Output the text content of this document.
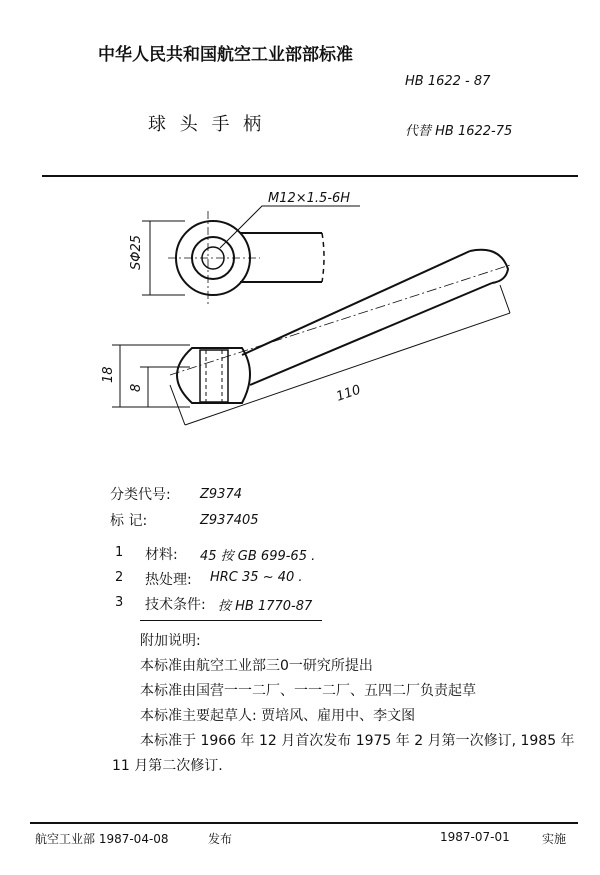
中华人民共和国航空工业部部标准
HB 1622 - 87
球 头 手 柄	代替 HB 1622-75
M12×1.5-6H
SΦ25
18
8	110
分类代号: Z9374
标 记:	Z937405
1 材料: 45 按 GB 699-65 .
2 热处理: HRC 35 ~ 40 .
3 技术条件: 按 HB 1770-87
附加说明:
本标准由航空工业部三0一研究所提出
本标准由国营一一二厂、一一二厂、五四二厂负责起草
本标准主要起草人: 贾培风、雇用中、李文图
本标准于 1966 年 12 月首次发布 1975 年 2 月第一次修订, 1985 年
11 月第二次修订.
航空工业部 1987-04-08	发布	1987-07-01	实施
